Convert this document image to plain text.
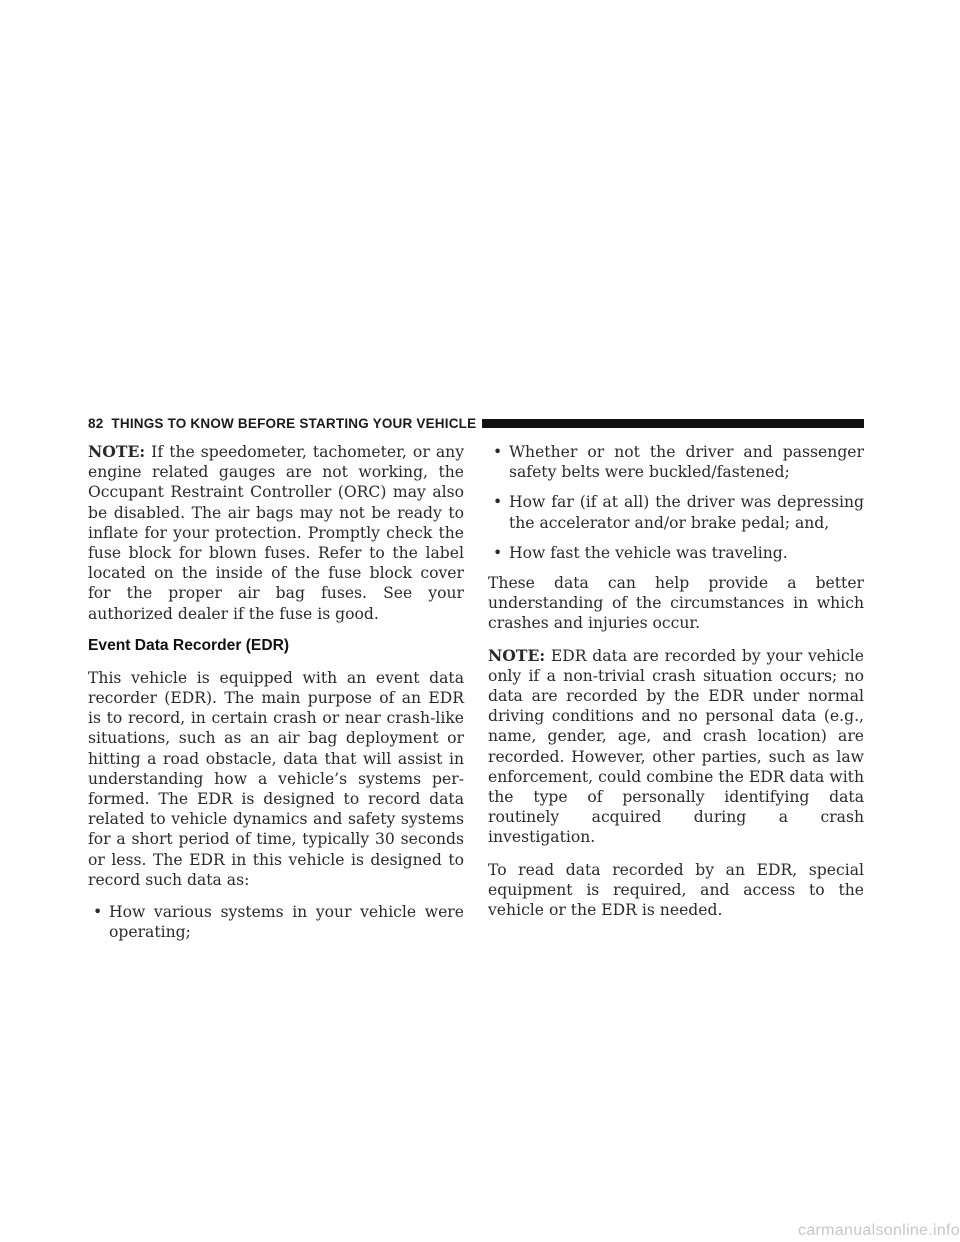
82 THINGS TO KNOW BEFORE STARTING YOUR VEHICLE

NOTE: If the speedometer, tachometer, or any engine related gauges are not working, the Occupant Restraint Controller (ORC) may also be disabled. The air bags may not be ready to inflate for your protection. Promptly check the fuse block for blown fuses. Refer to the label located on the inside of the fuse block cover for the proper air bag fuses. See your authorized dealer if the fuse is good.

Event Data Recorder (EDR)

This vehicle is equipped with an event data recorder (EDR). The main purpose of an EDR is to record, in certain crash or near crash-like situations, such as an air bag deployment or hitting a road obstacle, data that will assist in understanding how a vehicle’s systems performed. The EDR is designed to record data related to vehicle dynamics and safety systems for a short period of time, typically 30 seconds or less. The EDR in this vehicle is designed to record such data as:

• How various systems in your vehicle were operating;
• Whether or not the driver and passenger safety belts were buckled/fastened;
• How far (if at all) the driver was depressing the accelerator and/or brake pedal; and,
• How fast the vehicle was traveling.

These data can help provide a better understanding of the circumstances in which crashes and injuries occur.

NOTE: EDR data are recorded by your vehicle only if a non-trivial crash situation occurs; no data are recorded by the EDR under normal driving conditions and no personal data (e.g., name, gender, age, and crash location) are recorded. However, other parties, such as law enforcement, could combine the EDR data with the type of personally identifying data routinely acquired during a crash investigation.

To read data recorded by an EDR, special equipment is required, and access to the vehicle or the EDR is needed.

carmanualsonline.info
